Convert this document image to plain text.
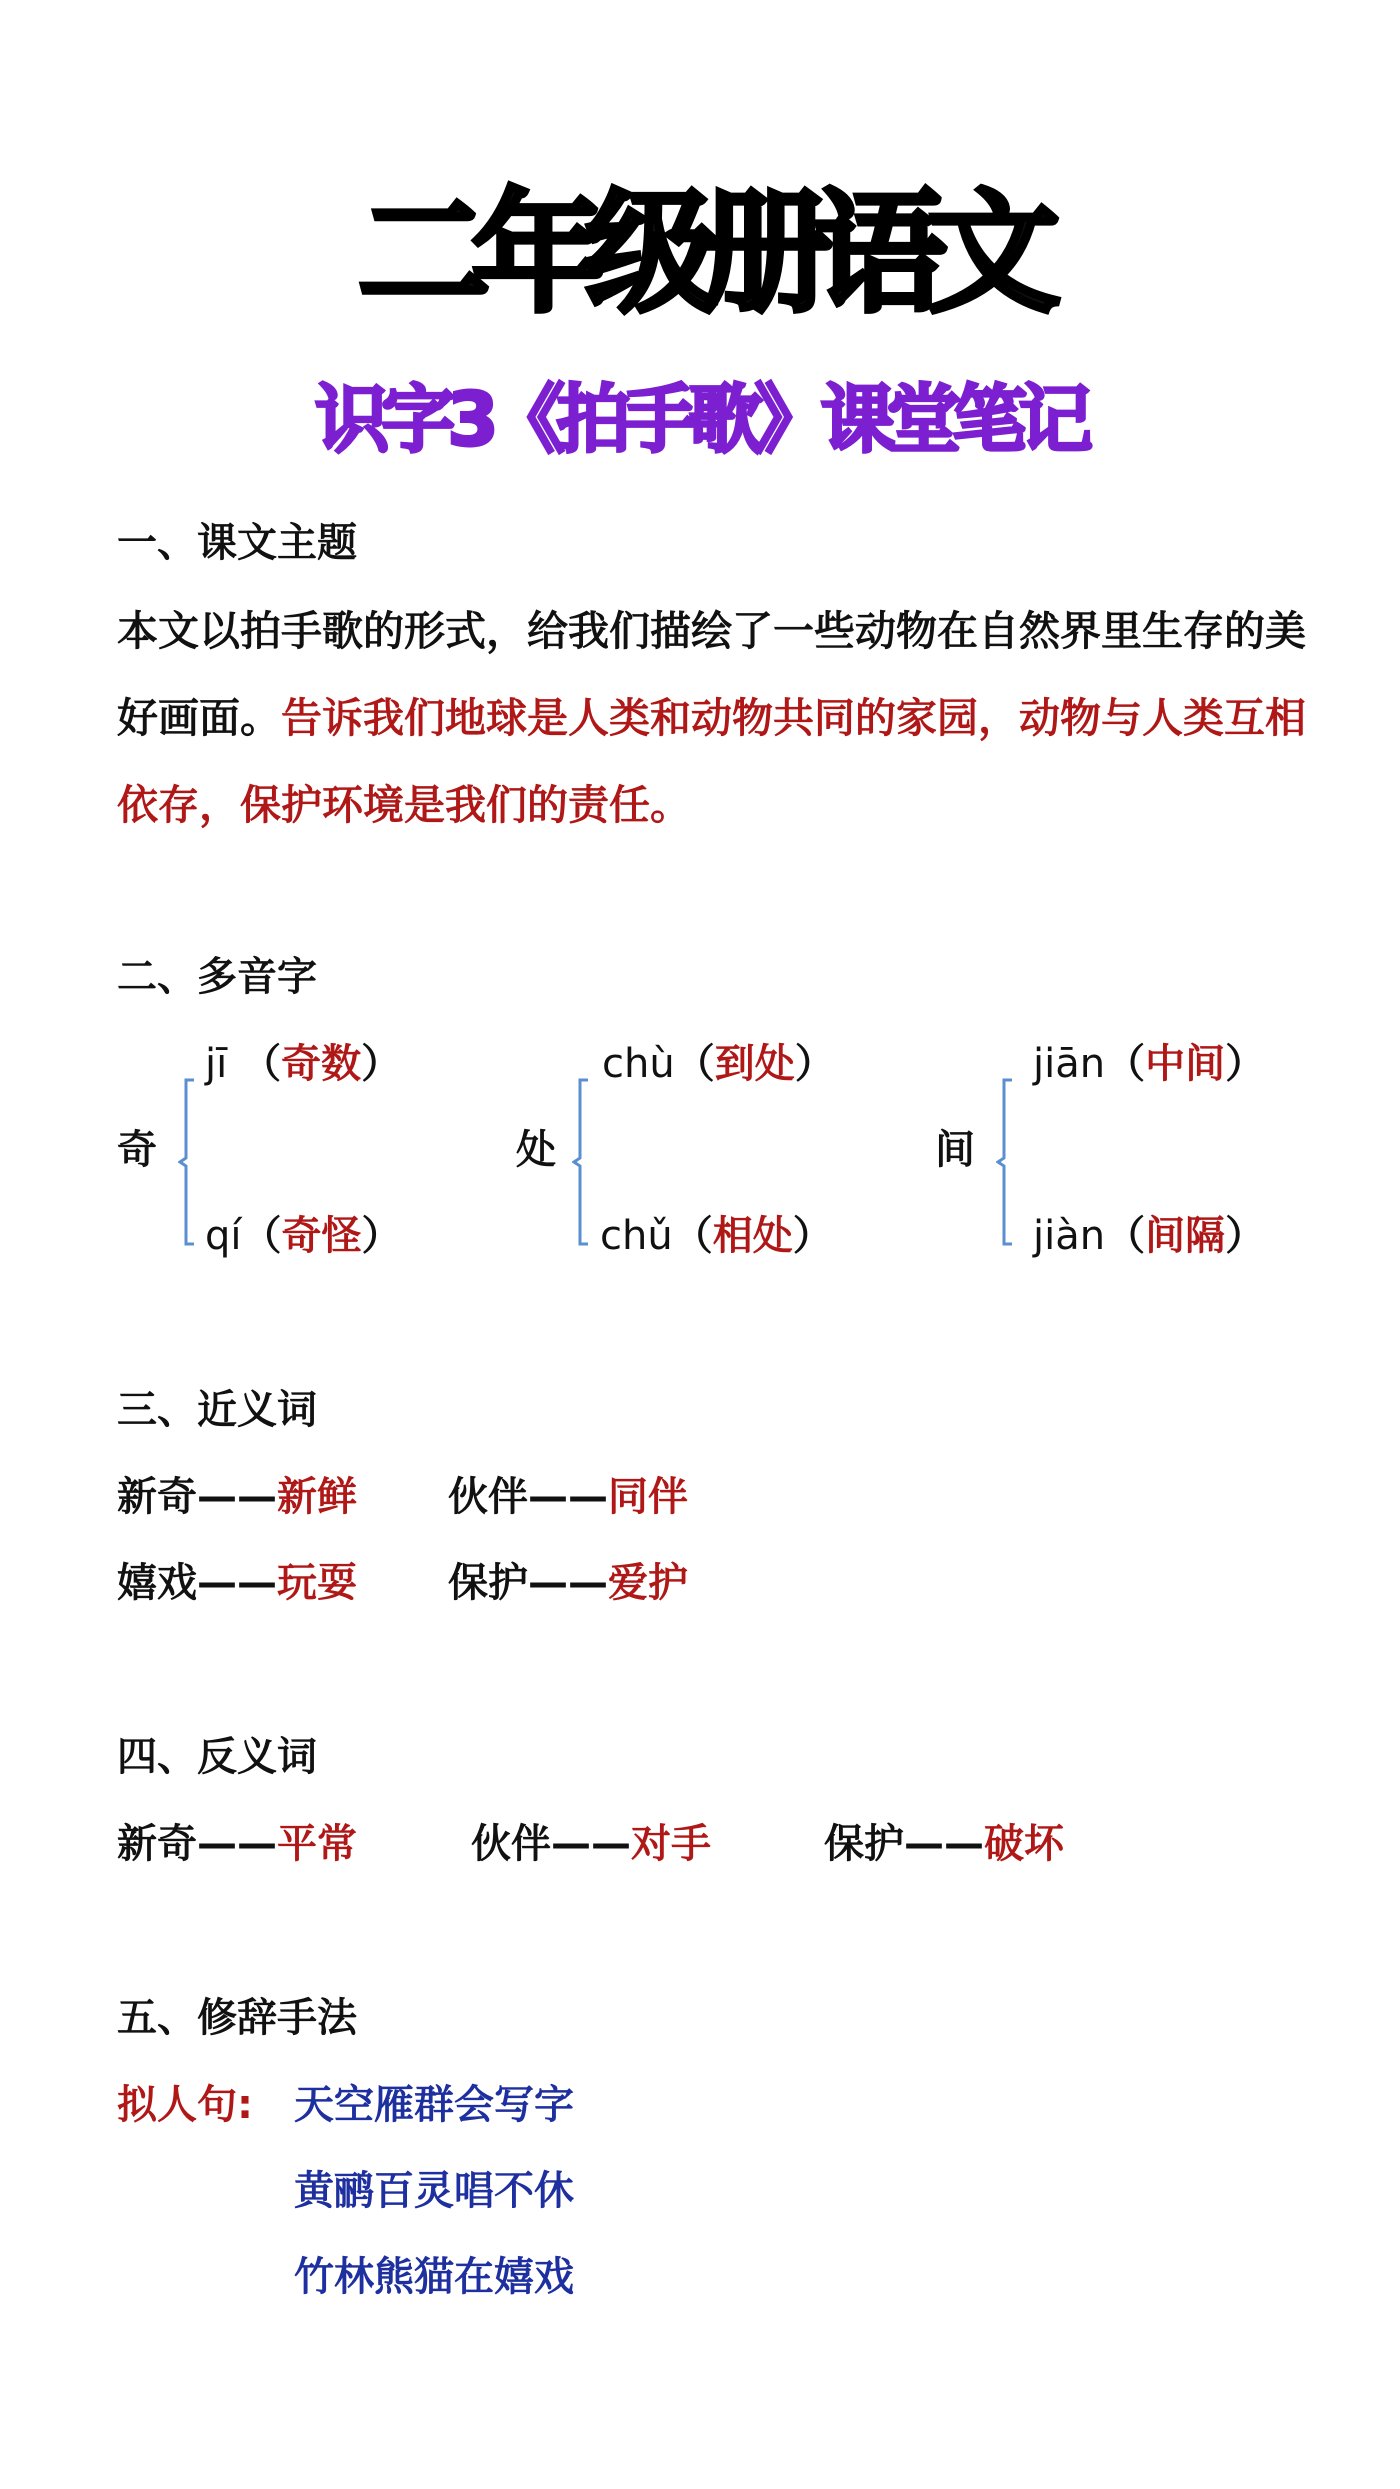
二年级册语文
识字3《拍手歌》课堂笔记
一、课文主题
本文以拍手歌的形式，给我们描绘了一些动物在自然界里生存的美好画面。告诉我们地球是人类和动物共同的家园，动物与人类互相依存，保护环境是我们的责任。
二、多音字
奇
jī （奇数）
qí（奇怪）
处
chù（到处）
chǔ（相处）
间
jiān（中间）
jiàn（间隔）
三、近义词
新奇——新鲜 伙伴——同伴
嬉戏——玩耍 保护——爱护
四、反义词
新奇——平常	伙伴——对手	保护——破坏
五、修辞手法
拟人句: 天空雁群会写字
黄鹂百灵唱不休
竹林熊猫在嬉戏
